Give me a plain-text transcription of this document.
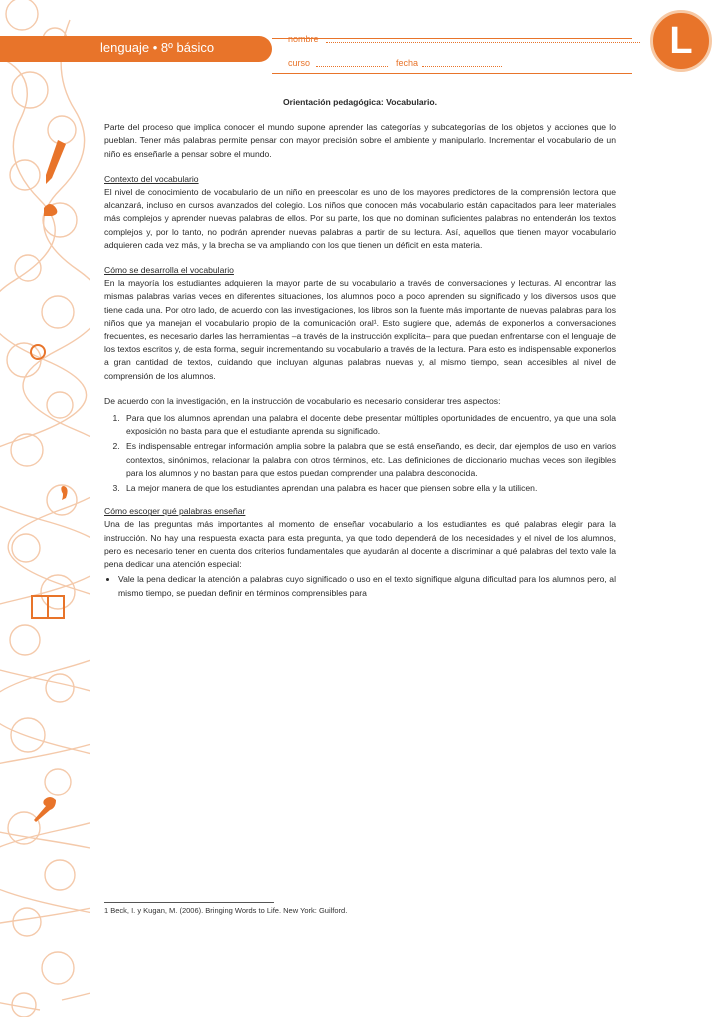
lenguaje • 8º básico
nombre
curso	fecha
L

Orientación pedagógica: Vocabulario.

Parte del proceso que implica conocer el mundo supone aprender las categorías y subcategorías de los objetos y acciones que lo pueblan. Tener más palabras permite pensar con mayor precisión sobre el ambiente y manipularlo. Incrementar el vocabulario de un niño es enseñarle a pensar sobre el mundo.

Contexto del vocabulario

El nivel de conocimiento de vocabulario de un niño en preescolar es uno de los mayores predictores de la comprensión lectora que alcanzará, incluso en cursos avanzados del colegio. Los niños que conocen más vocabulario están capacitados para leer materiales más complejos y aprender nuevas palabras de ellos. Por su parte, los que no dominan suficientes palabras no entenderán los textos complejos y, por lo tanto, no podrán aprender nuevas palabras a partir de su lectura. Así, aquellos que tienen mayor vocabulario adquieren cada vez más, y la brecha se va ampliando con los que tienen un déficit en esta materia.

Cómo se desarrolla el vocabulario

En la mayoría los estudiantes adquieren la mayor parte de su vocabulario a través de conversaciones y lecturas. Al encontrar las mismas palabras varias veces en diferentes situaciones, los alumnos poco a poco aprenden su significado y los diversos usos que tiene cada una. Por otro lado, de acuerdo con las investigaciones, los libros son la fuente más importante de nuevas palabras para los niños que ya manejan el vocabulario propio de la comunicación oral¹. Esto sugiere que, además de exponerlos a conversaciones frecuentes, es necesario darles las herramientas –a través de la instrucción explícita– para que puedan enfrentarse con el lenguaje de los textos escritos y, de esta forma, seguir incrementando su vocabulario a través de la lectura. Para esto es indispensable exponerlos a gran cantidad de textos, cuidando que incluyan algunas palabras nuevas y, al mismo tiempo, sean accesibles al nivel de comprensión de los alumnos.

De acuerdo con la investigación, en la instrucción de vocabulario es necesario considerar tres aspectos:

1. Para que los alumnos aprendan una palabra el docente debe presentar múltiples oportunidades de encuentro, ya que una sola exposición no basta para que el estudiante aprenda su significado.
2. Es indispensable entregar información amplia sobre la palabra que se está enseñando, es decir, dar ejemplos de uso en varios contextos, sinónimos, relacionar la palabra con otros términos, etc. Las definiciones de diccionario muchas veces son ilegibles para los alumnos y no bastan para que estos puedan comprender una palabra desconocida.
3. La mejor manera de que los estudiantes aprendan una palabra es hacer que piensen sobre ella y la utilicen.

Cómo escoger qué palabras enseñar

Una de las preguntas más importantes al momento de enseñar vocabulario a los estudiantes es qué palabras elegir para la instrucción. No hay una respuesta exacta para esta pregunta, ya que todo dependerá de los necesidades y el nivel de los alumnos, pero es necesario tener en cuenta dos criterios fundamentales que ayudarán al docente a discriminar a qué palabras del texto vale la pena dedicar una atención especial:

• Vale la pena dedicar la atención a palabras cuyo significado o uso en el texto signifique alguna dificultad para los alumnos pero, al mismo tiempo, se puedan definir en términos comprensibles para
1 Beck, I. y Kugan, M. (2006). Bringing Words to Life. New York: Guilford.
